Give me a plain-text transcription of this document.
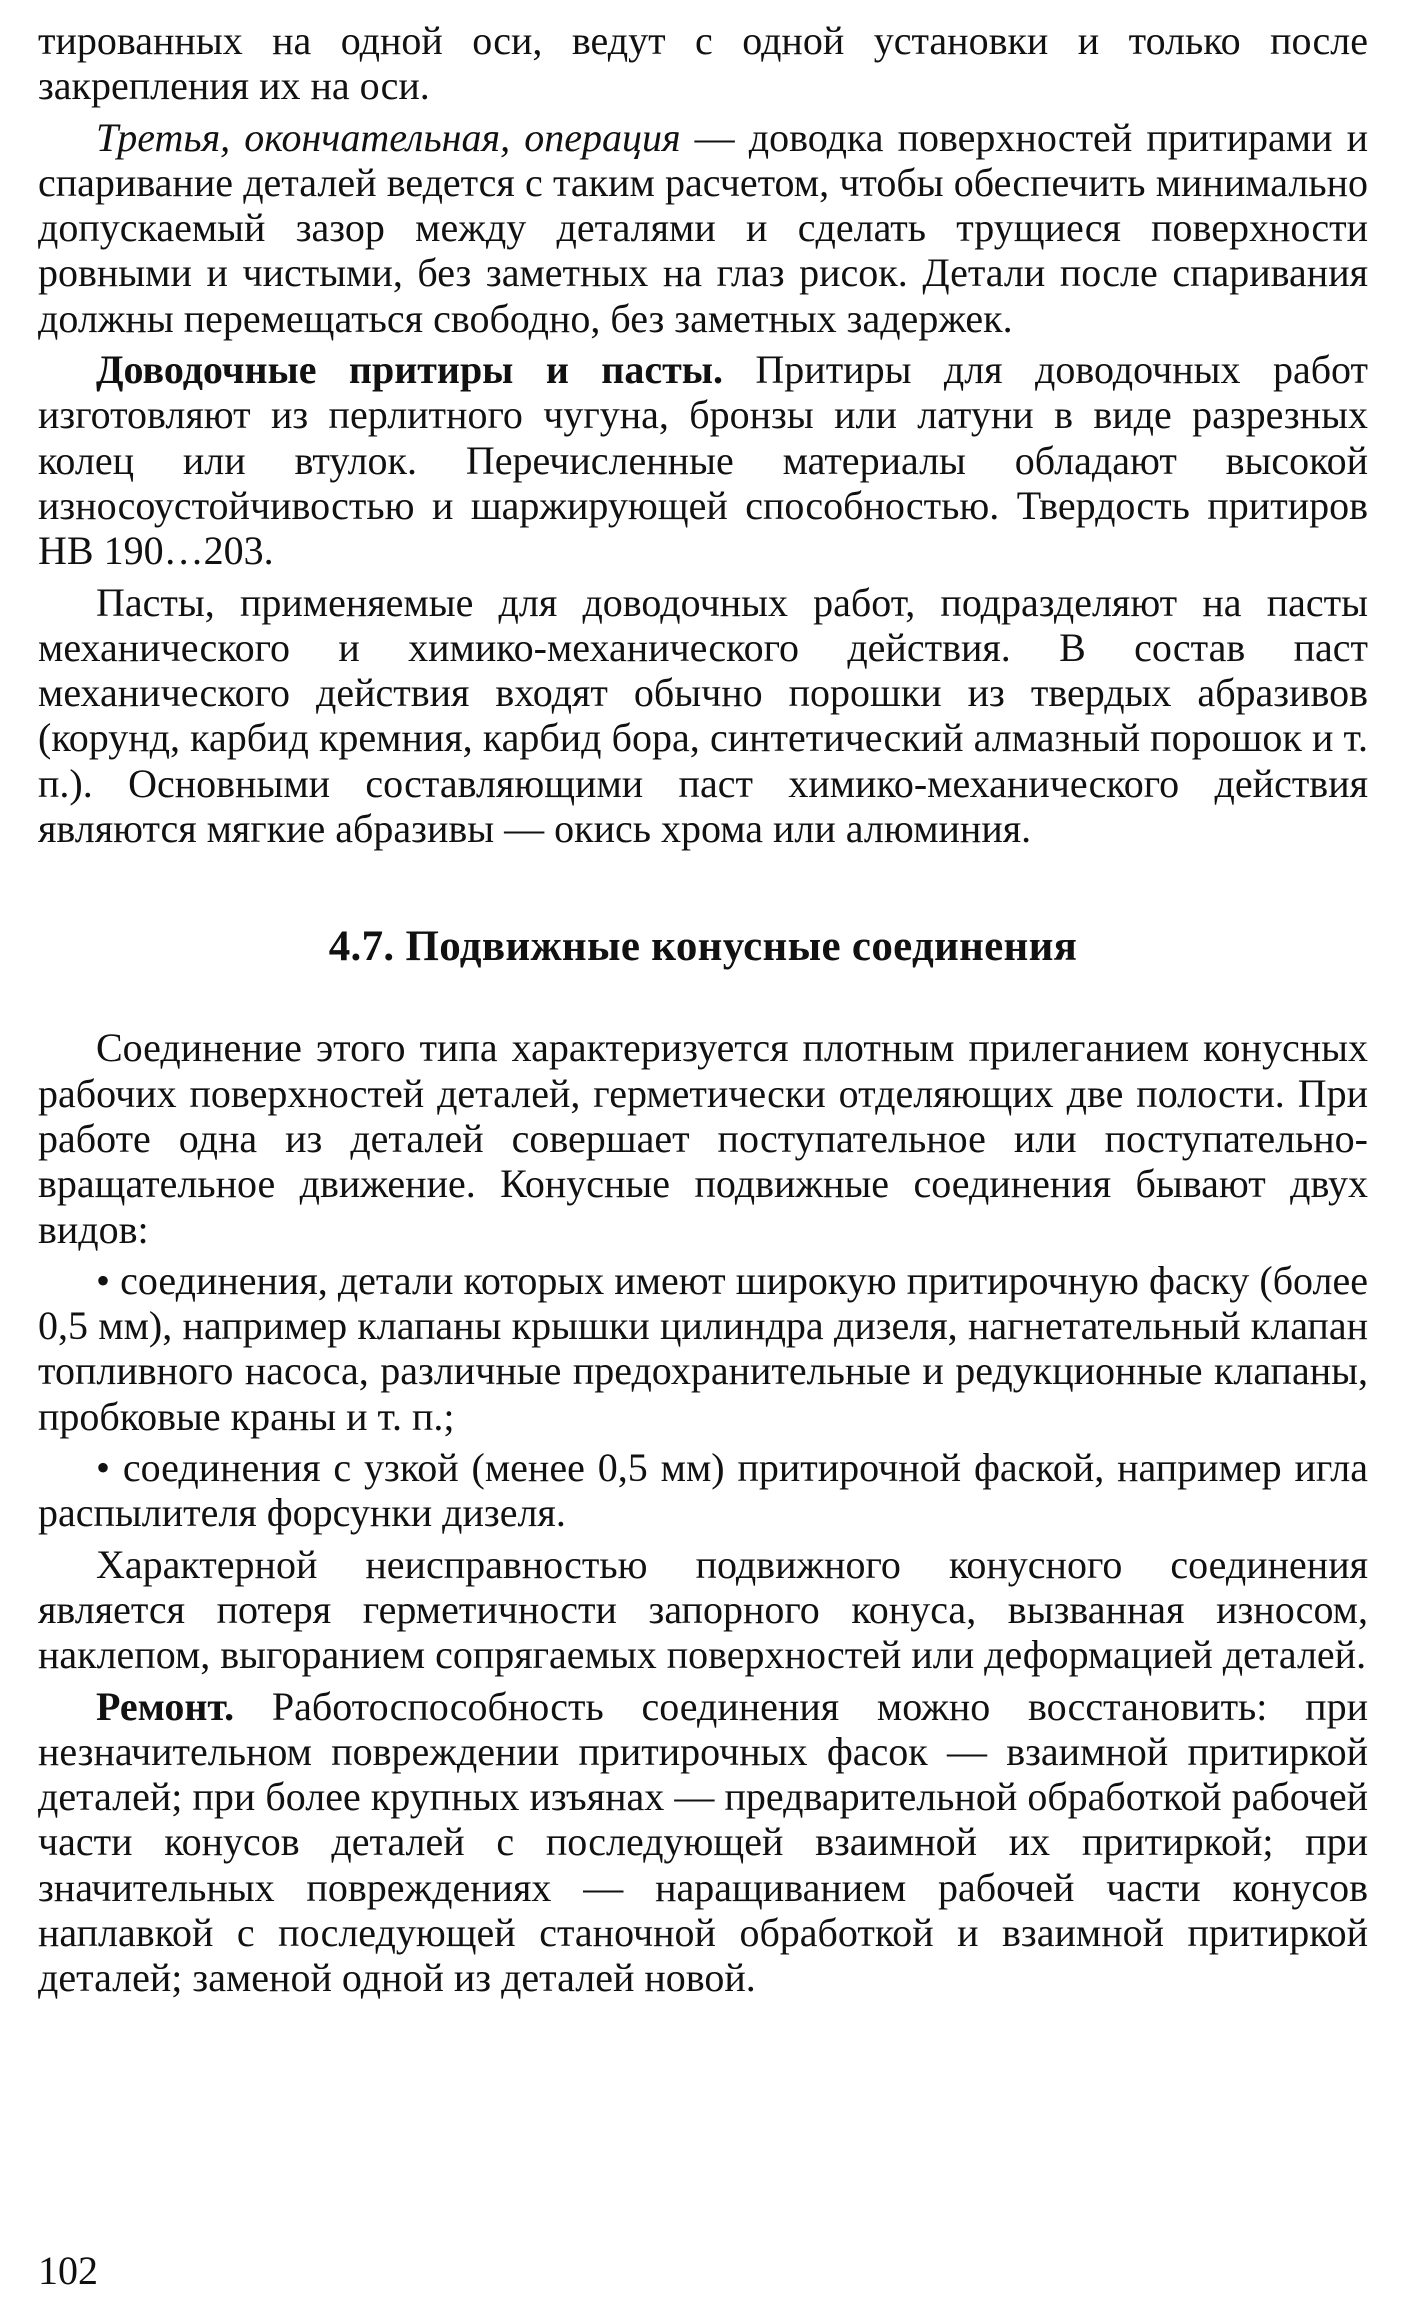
тированных на одной оси, ведут с одной установки и только после закрепления их на оси.

Третья, окончательная, операция — доводка поверхностей притирами и спаривание деталей ведется с таким расчетом, чтобы обеспечить минимально допускаемый зазор между деталями и сделать трущиеся поверхности ровными и чистыми, без заметных на глаз рисок. Детали после спаривания должны перемещаться свободно, без заметных задержек.

Доводочные притиры и пасты. Притиры для доводочных работ изготовляют из перлитного чугуна, бронзы или латуни в виде разрезных колец или втулок. Перечисленные материалы обладают высокой износоустойчивостью и шаржирующей способностью. Твердость притиров НВ 190…203.

Пасты, применяемые для доводочных работ, подразделяют на пасты механического и химико-механического действия. В состав паст механического действия входят обычно порошки из твердых абразивов (корунд, карбид кремния, карбид бора, синтетический алмазный порошок и т. п.). Основными составляющими паст химико-механического действия являются мягкие абразивы — окись хрома или алюминия.

4.7. Подвижные конусные соединения

Соединение этого типа характеризуется плотным прилеганием конусных рабочих поверхностей деталей, герметически отделяющих две полости. При работе одна из деталей совершает поступательное или поступательно-вращательное движение. Конусные подвижные соединения бывают двух видов:

• соединения, детали которых имеют широкую притирочную фаску (более 0,5 мм), например клапаны крышки цилиндра дизеля, нагнетательный клапан топливного насоса, различные предохранительные и редукционные клапаны, пробковые краны и т. п.;

• соединения с узкой (менее 0,5 мм) притирочной фаской, например игла распылителя форсунки дизеля.

Характерной неисправностью подвижного конусного соединения является потеря герметичности запорного конуса, вызванная износом, наклепом, выгоранием сопрягаемых поверхностей или деформацией деталей.

Ремонт. Работоспособность соединения можно восстановить: при незначительном повреждении притирочных фасок — взаимной притиркой деталей; при более крупных изъянах — предварительной обработкой рабочей части конусов деталей с последующей взаимной их притиркой; при значительных повреждениях — наращиванием рабочей части конусов наплавкой с последующей станочной обработкой и взаимной притиркой деталей; заменой одной из деталей новой.

102
